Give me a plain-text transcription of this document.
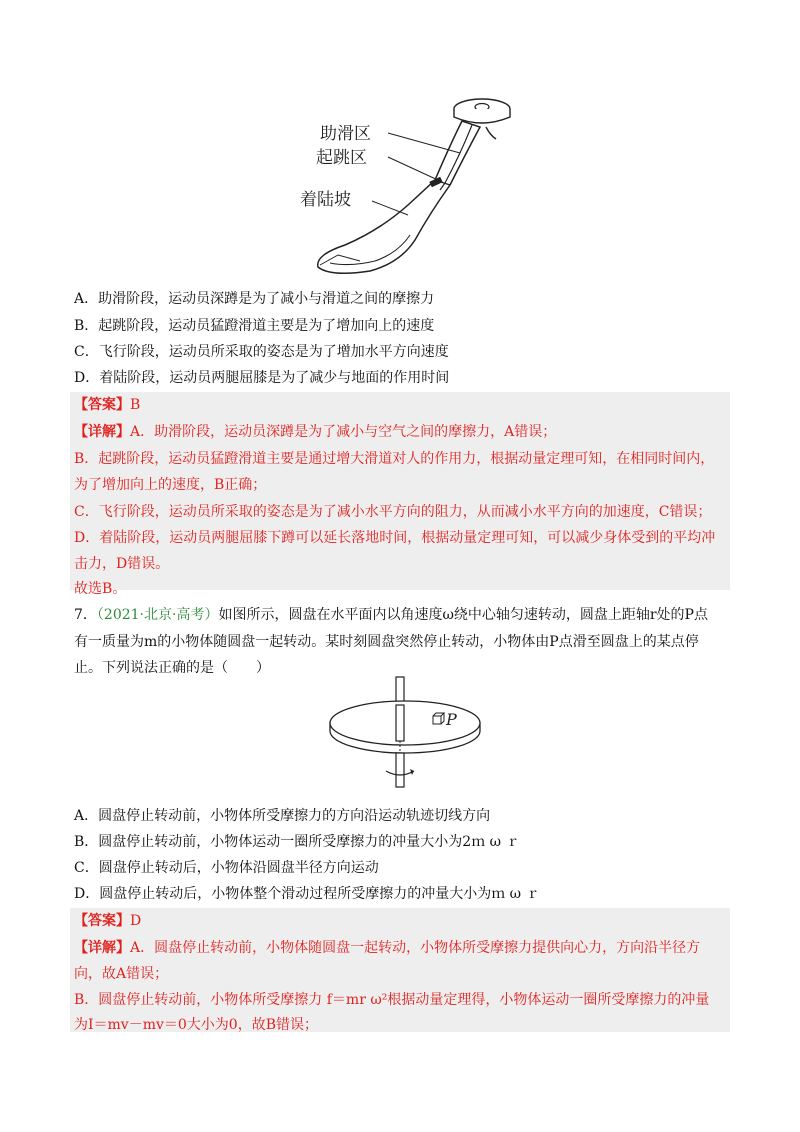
助滑区
起跳区
着陆坡
A．助滑阶段，运动员深蹲是为了减小与滑道之间的摩擦力
B．起跳阶段，运动员猛蹬滑道主要是为了增加向上的速度
C．飞行阶段，运动员所采取的姿态是为了增加水平方向速度
D．着陆阶段，运动员两腿屈膝是为了减少与地面的作用时间
【答案】B
【详解】A．助滑阶段，运动员深蹲是为了减小与空气之间的摩擦力，A错误；
B．起跳阶段，运动员猛蹬滑道主要是通过增大滑道对人的作用力，根据动量定理可知，在相同时间内，
为了增加向上的速度，B正确；
C．飞行阶段，运动员所采取的姿态是为了减小水平方向的阻力，从而减小水平方向的加速度，C错误；
D．着陆阶段，运动员两腿屈膝下蹲可以延长落地时间，根据动量定理可知，可以减少身体受到的平均冲
击力，D错误。
故选B。
7．（2021·北京·高考）如图所示，圆盘在水平面内以角速度ω绕中心轴匀速转动，圆盘上距轴r处的P点
有一质量为m的小物体随圆盘一起转动。某时刻圆盘突然停止转动，小物体由P点滑至圆盘上的某点停
止。下列说法正确的是（　　）
P
A．圆盘停止转动前，小物体所受摩擦力的方向沿运动轨迹切线方向
B．圆盘停止转动前，小物体运动一圈所受摩擦力的冲量大小为2ｍ ω ｒ
C．圆盘停止转动后，小物体沿圆盘半径方向运动
D．圆盘停止转动后，小物体整个滑动过程所受摩擦力的冲量大小为ｍ ω ｒ
【答案】D
【详解】A．圆盘停止转动前，小物体随圆盘一起转动，小物体所受摩擦力提供向心力，方向沿半径方
向，故A错误；
B．圆盘停止转动前，小物体所受摩擦力 f＝mr ω²根据动量定理得，小物体运动一圈所受摩擦力的冲量
为I＝mv－mv＝0大小为0，故B错误；
